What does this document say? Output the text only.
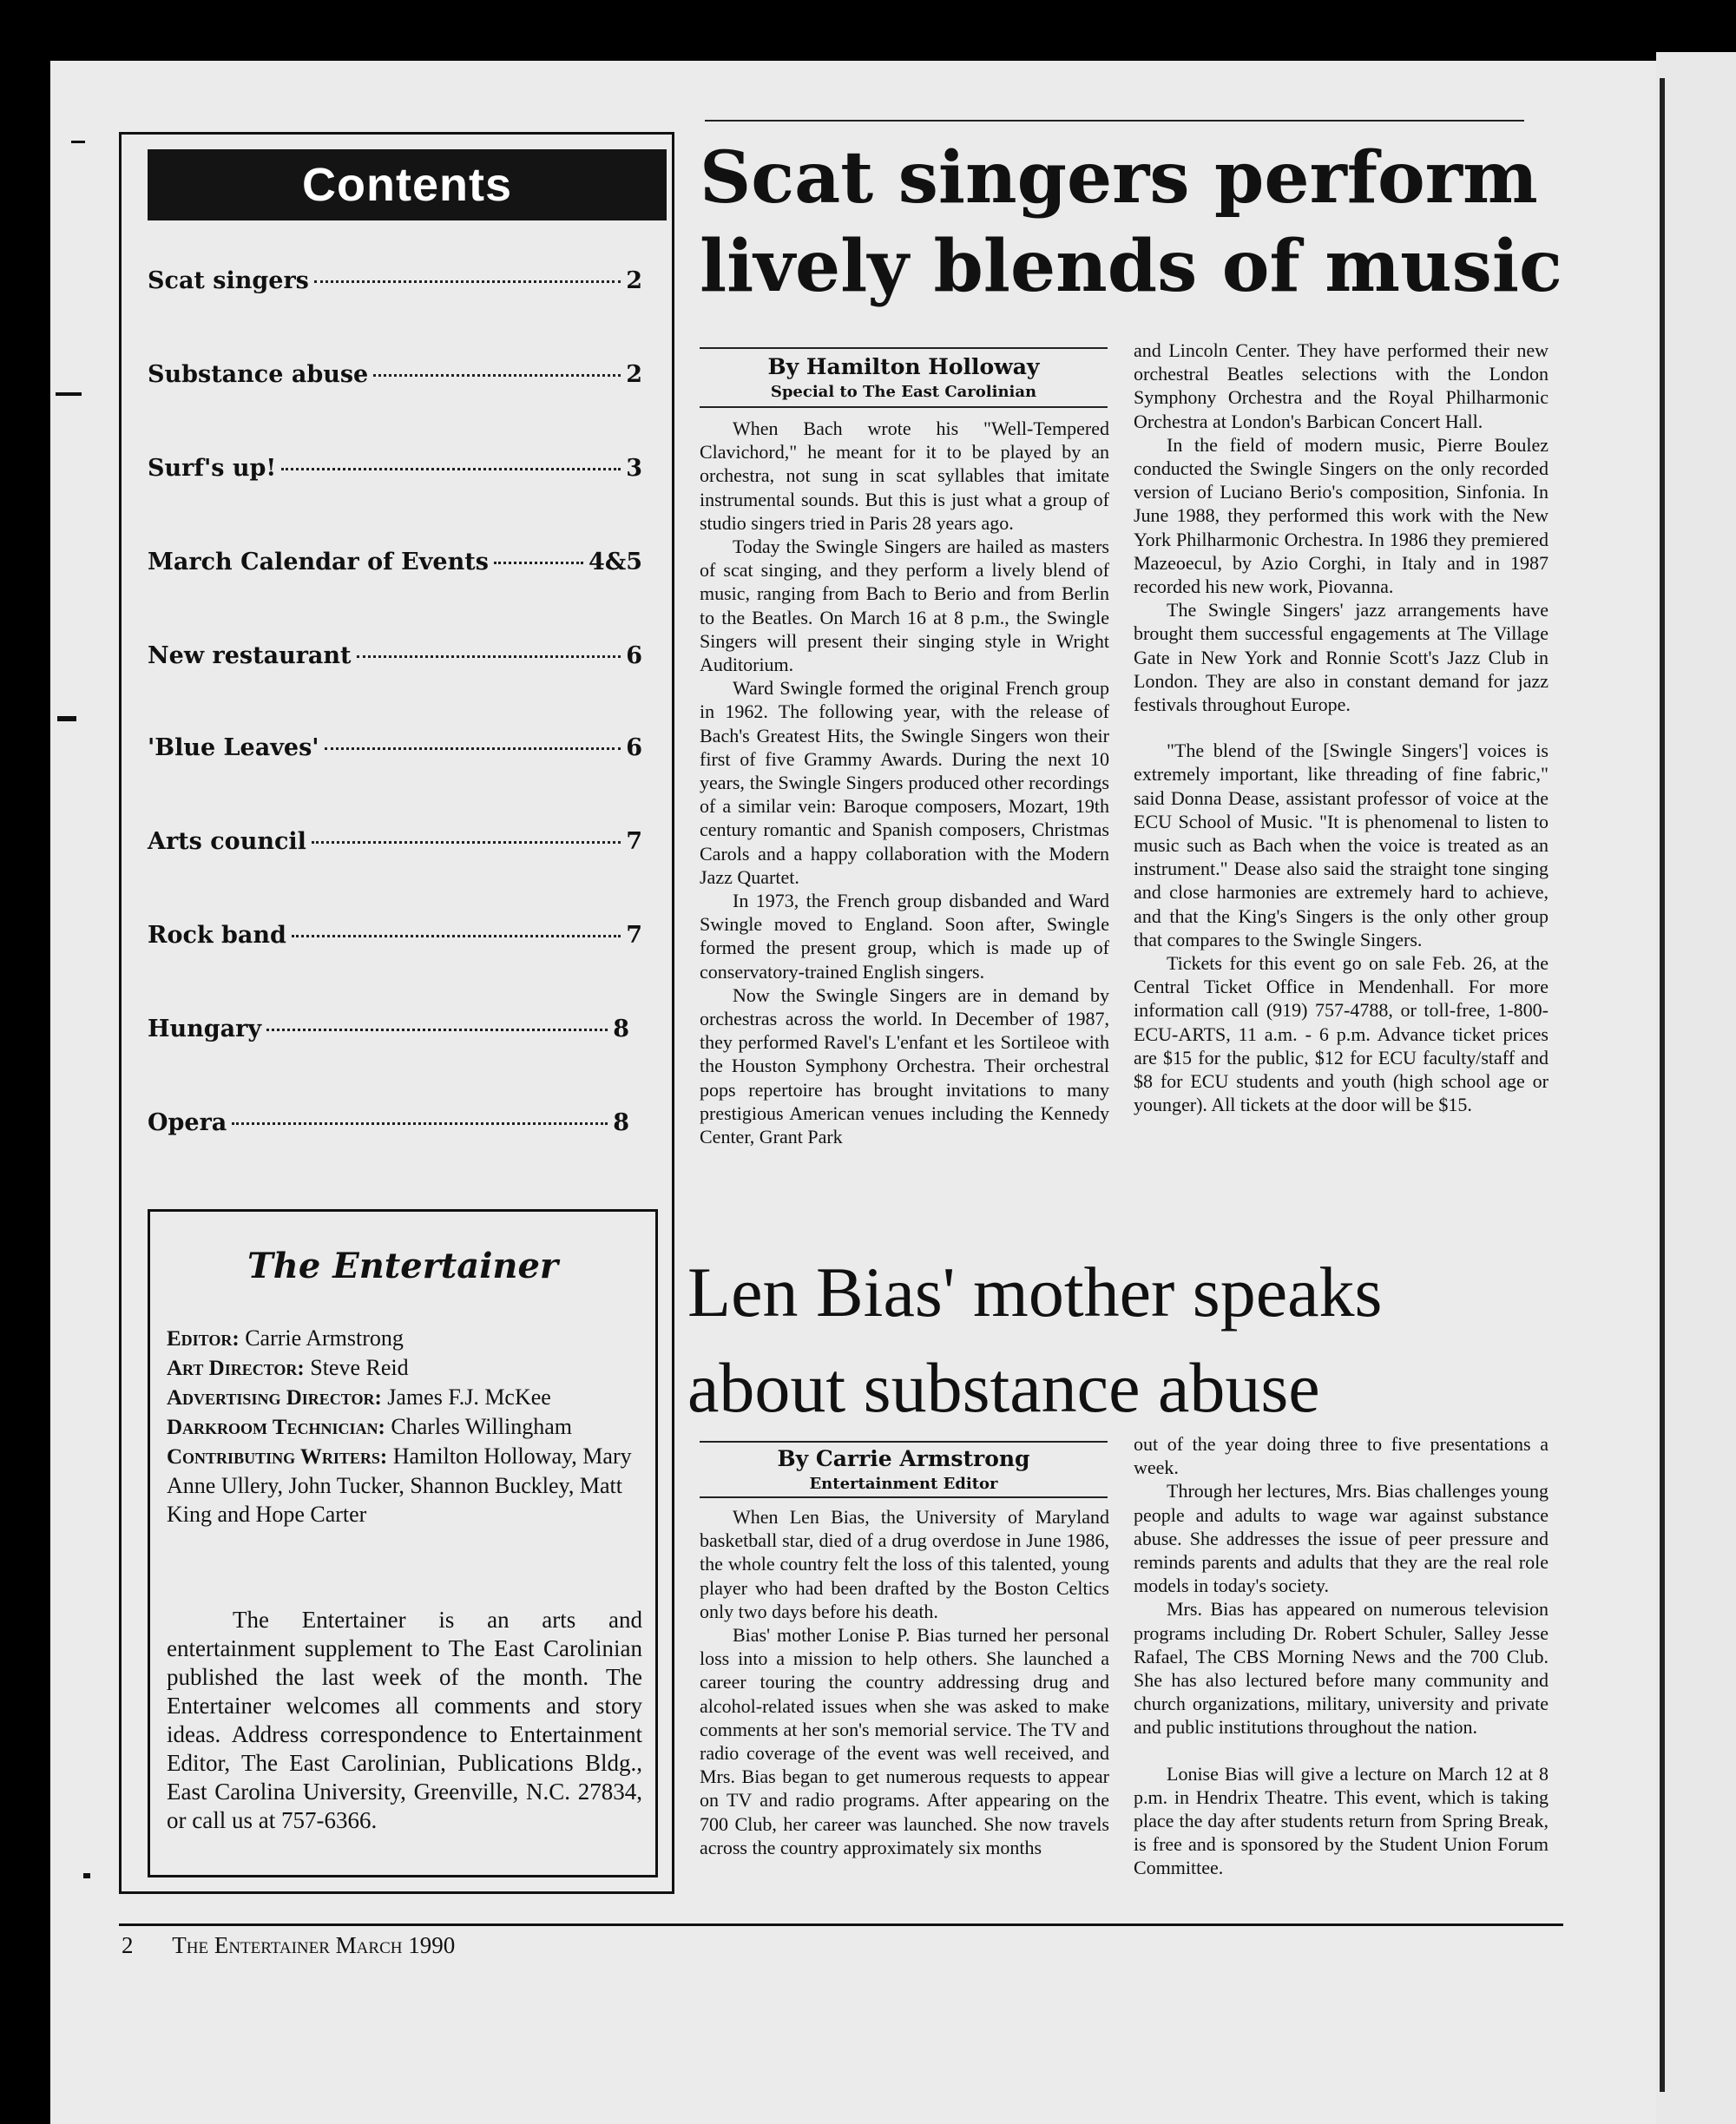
Contents
Scat singers	2
Substance abuse	2
Surf's up!	3
March Calendar of Events	4&5
New restaurant	6
'Blue Leaves'	6
Arts council	7
Rock band	7
Hungary	8
Opera	8
The Entertainer
Editor: Carrie Armstrong
Art Director: Steve Reid
Advertising Director: James F.J. McKee
Darkroom Technician: Charles Willingham
Contributing Writers: Hamilton Holloway, Mary Anne Ullery, John Tucker, Shannon Buckley, Matt King and Hope Carter

The Entertainer is an arts and entertainment supplement to The East Carolinian published the last week of the month. The Entertainer welcomes all comments and story ideas. Address correspondence to Entertainment Editor, The East Carolinian, Publications Bldg., East Carolina University, Greenville, N.C. 27834, or call us at 757-6366.

2 The Entertainer March 1990
Scat singers perform
lively blends of music
By Hamilton Holloway
Special to The East Carolinian

When Bach wrote his "Well-Tempered Clavichord," he meant for it to be played by an orchestra, not sung in scat syllables that imitate instrumental sounds. But this is just what a group of studio singers tried in Paris 28 years ago.

Today the Swingle Singers are hailed as masters of scat singing, and they perform a lively blend of music, ranging from Bach to Berio and from Berlin to the Beatles. On March 16 at 8 p.m., the Swingle Singers will present their singing style in Wright Auditorium.

Ward Swingle formed the original French group in 1962. The following year, with the release of Bach's Greatest Hits, the Swingle Singers won their first of five Grammy Awards. During the next 10 years, the Swingle Singers produced other recordings of a similar vein: Baroque composers, Mozart, 19th century romantic and Spanish composers, Christmas Carols and a happy collaboration with the Modern Jazz Quartet.

In 1973, the French group disbanded and Ward Swingle moved to England. Soon after, Swingle formed the present group, which is made up of conservatory-trained English singers.

Now the Swingle Singers are in demand by orchestras across the world. In December of 1987, they performed Ravel's L'enfant et les Sortileoe with the Houston Symphony Orchestra. Their orchestral pops repertoire has brought invitations to many prestigious American venues including the Kennedy Center, Grant Park

and Lincoln Center. They have performed their new orchestral Beatles selections with the London Symphony Orchestra and the Royal Philharmonic Orchestra at London's Barbican Concert Hall.

In the field of modern music, Pierre Boulez conducted the Swingle Singers on the only recorded version of Luciano Berio's composition, Sinfonia. In June 1988, they performed this work with the New York Philharmonic Orchestra. In 1986 they premiered Mazeoecul, by Azio Corghi, in Italy and in 1987 recorded his new work, Piovanna.

The Swingle Singers' jazz arrangements have brought them successful engagements at The Village Gate in New York and Ronnie Scott's Jazz Club in London. They are also in constant demand for jazz festivals throughout Europe.

"The blend of the [Swingle Singers'] voices is extremely important, like threading of fine fabric," said Donna Dease, assistant professor of voice at the ECU School of Music. "It is phenomenal to listen to music such as Bach when the voice is treated as an instrument." Dease also said the straight tone singing and close harmonies are extremely hard to achieve, and that the King's Singers is the only other group that compares to the Swingle Singers.

Tickets for this event go on sale Feb. 26, at the Central Ticket Office in Mendenhall. For more information call (919) 757-4788, or toll-free, 1-800-ECU-ARTS, 11 a.m. - 6 p.m. Advance ticket prices are $15 for the public, $12 for ECU faculty/staff and $8 for ECU students and youth (high school age or younger). All tickets at the door will be $15.

Len Bias' mother speaks
about substance abuse
By Carrie Armstrong
Entertainment Editor

When Len Bias, the University of Maryland basketball star, died of a drug overdose in June 1986, the whole country felt the loss of this talented, young player who had been drafted by the Boston Celtics only two days before his death.

Bias' mother Lonise P. Bias turned her personal loss into a mission to help others. She launched a career touring the country addressing drug and alcohol-related issues when she was asked to make comments at her son's memorial service. The TV and radio coverage of the event was well received, and Mrs. Bias began to get numerous requests to appear on TV and radio programs. After appearing on the 700 Club, her career was launched. She now travels across the country approximately six months

out of the year doing three to five presentations a week.

Through her lectures, Mrs. Bias challenges young people and adults to wage war against substance abuse. She addresses the issue of peer pressure and reminds parents and adults that they are the real role models in today's society.

Mrs. Bias has appeared on numerous television programs including Dr. Robert Schuler, Salley Jesse Rafael, The CBS Morning News and the 700 Club. She has also lectured before many community and church organizations, military, university and private and public institutions throughout the nation.

Lonise Bias will give a lecture on March 12 at 8 p.m. in Hendrix Theatre. This event, which is taking place the day after students return from Spring Break, is free and is sponsored by the Student Union Forum Committee.
